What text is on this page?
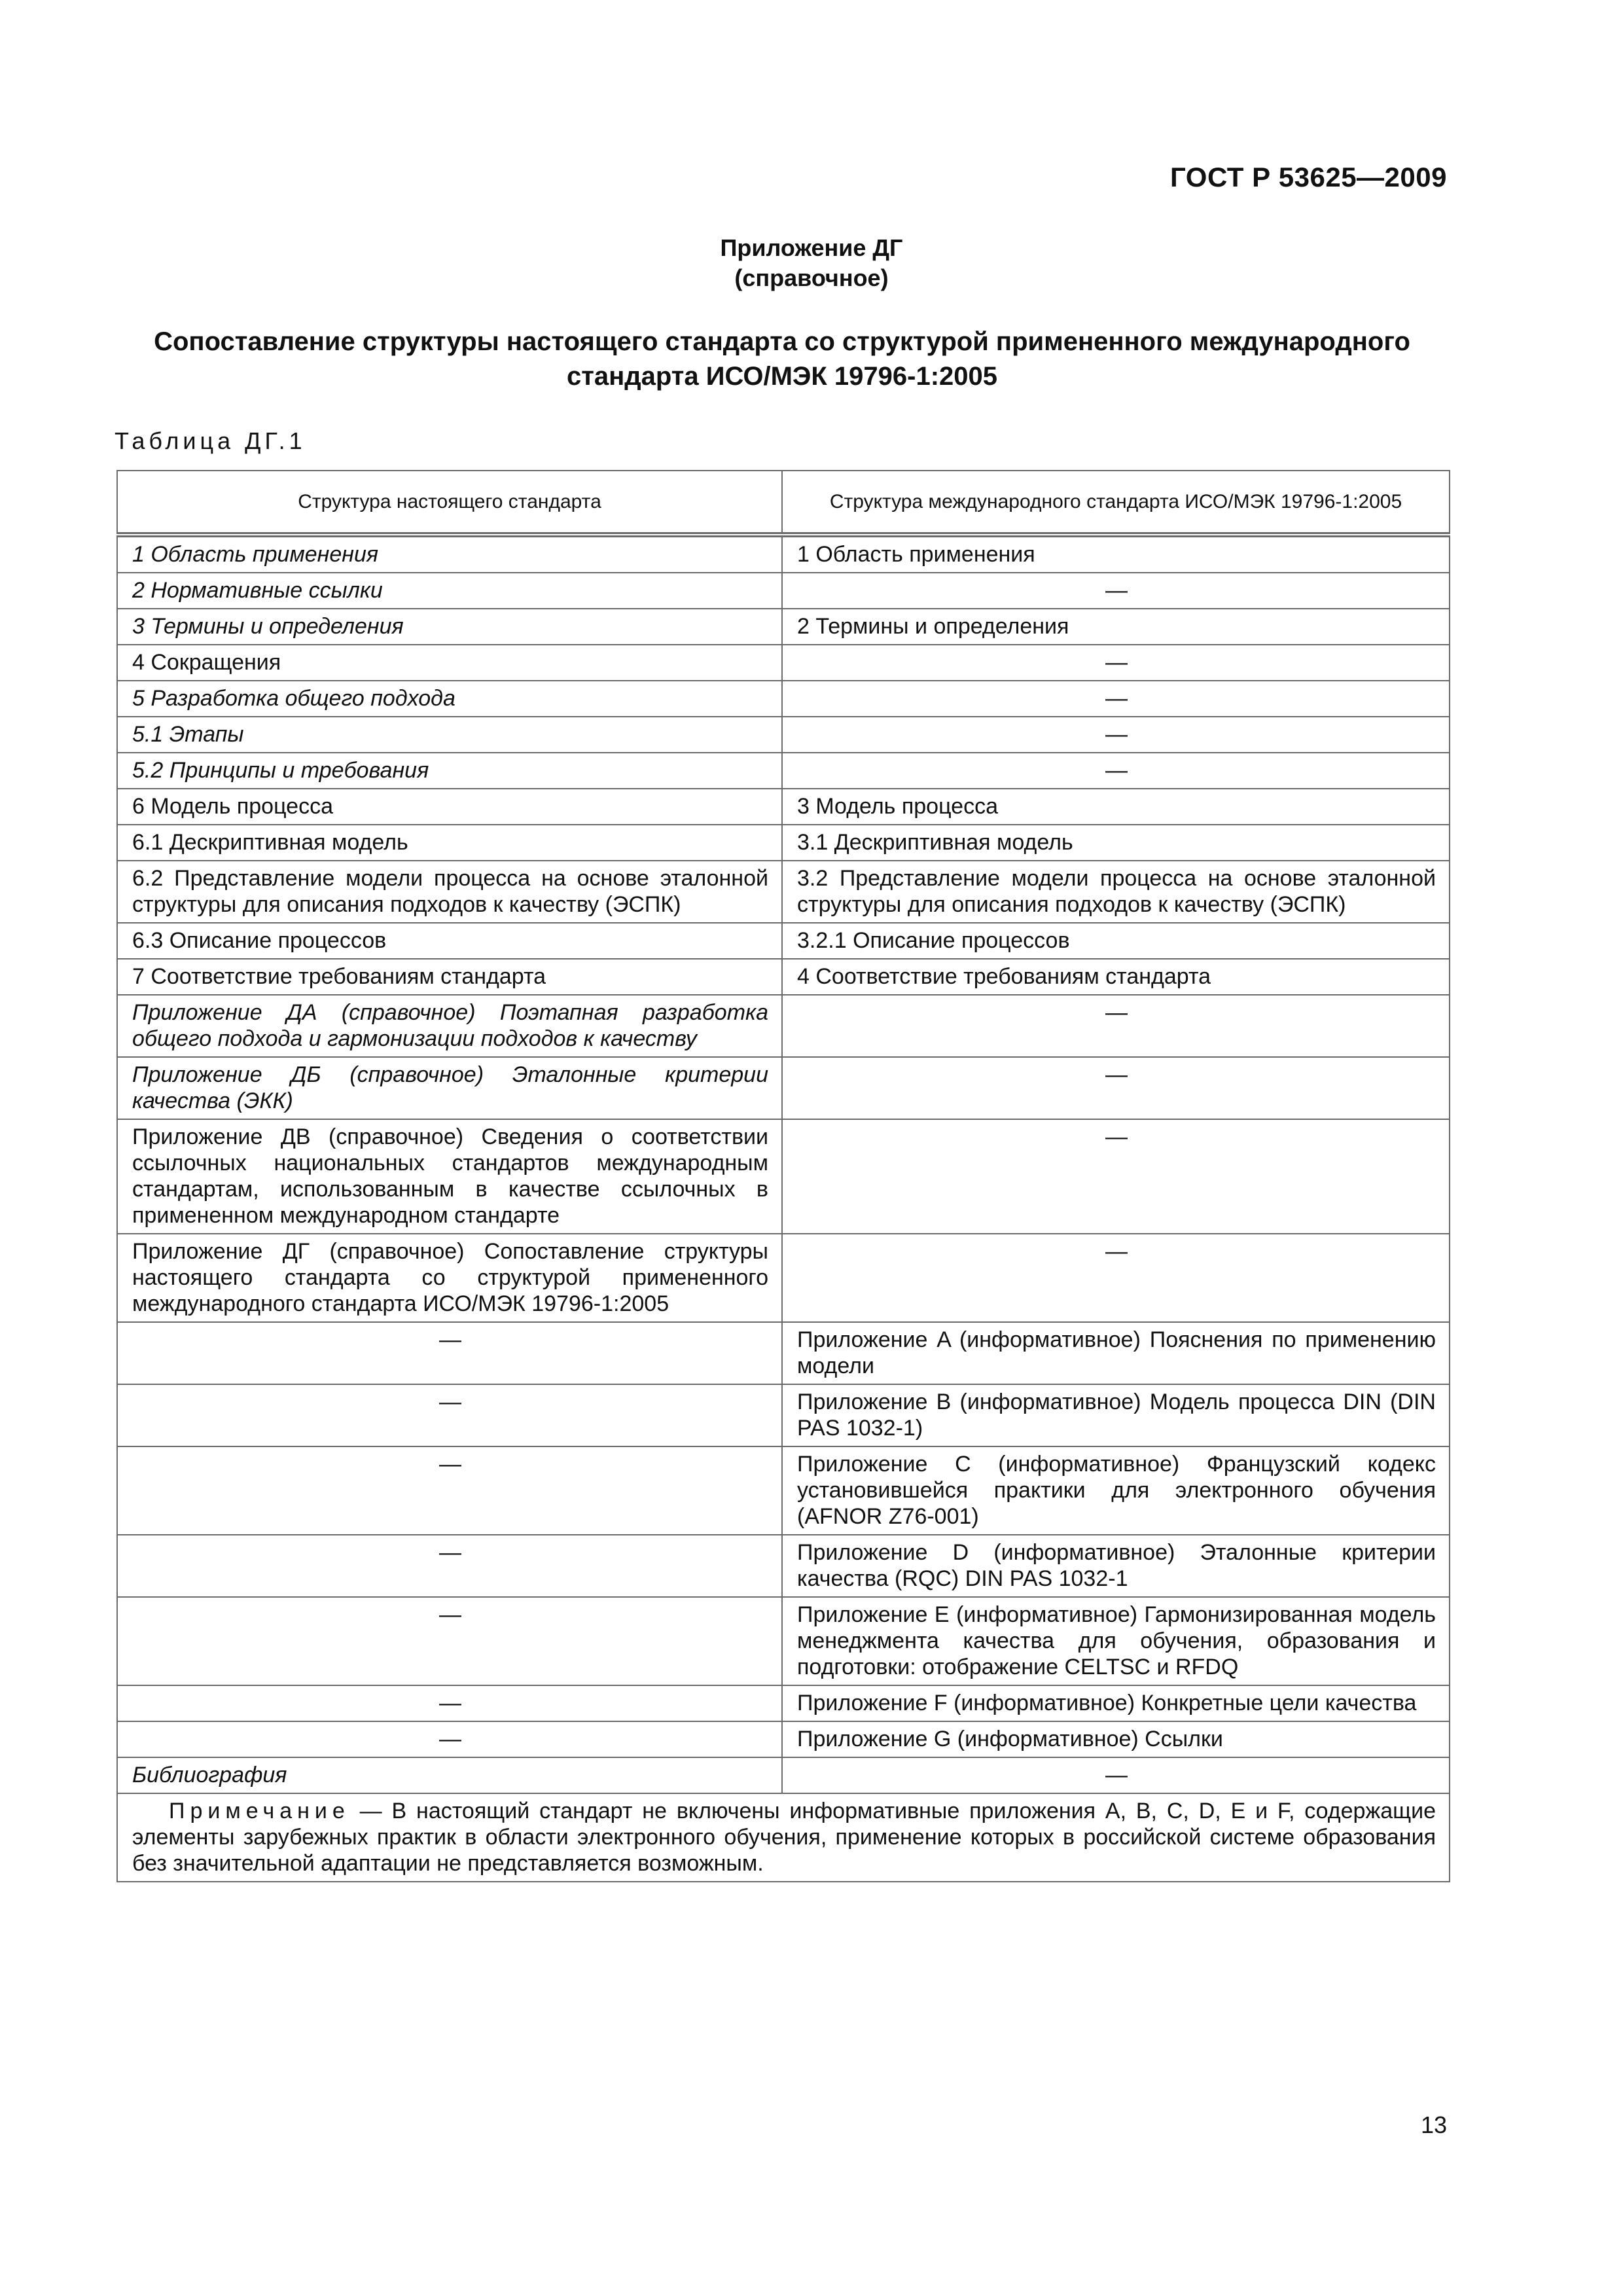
ГОСТ Р 53625—2009
Приложение ДГ
(справочное)
Сопоставление структуры настоящего стандарта со структурой примененного международного
стандарта ИСО/МЭК 19796-1:2005
Таблица ДГ.1
Структура настоящего стандарта	Структура международного стандарта ИСО/МЭК 19796-1:2005
1 Область применения	1 Область применения
2 Нормативные ссылки	—
3 Термины и определения	2 Термины и определения
4 Сокращения	—
5 Разработка общего подхода	—
5.1 Этапы	—
5.2 Принципы и требования	—
6 Модель процесса	3 Модель процесса
6.1 Дескриптивная модель	3.1 Дескриптивная модель
6.2 Представление модели процесса на основе эталонной структуры для описания подходов к качеству (ЭСПК)	3.2 Представление модели процесса на основе эталонной структуры для описания подходов к качеству (ЭСПК)
6.3 Описание процессов	3.2.1 Описание процессов
7 Соответствие требованиям стандарта	4 Соответствие требованиям стандарта
Приложение ДА (справочное) Поэтапная разработка общего подхода и гармонизации подходов к качеству	—
Приложение ДБ (справочное) Эталонные критерии качества (ЭКК)	—
Приложение ДВ (справочное) Сведения о соответствии ссылочных национальных стандартов международным стандартам, использованным в качестве ссылочных в примененном международном стандарте	—
Приложение ДГ (справочное) Сопоставление структуры настоящего стандарта со структурой примененного международного стандарта ИСО/МЭК 19796-1:2005	—
—	Приложение A (информативное) Пояснения по применению модели
—	Приложение B (информативное) Модель процесса DIN (DIN PAS 1032-1)
—	Приложение C (информативное) Французский кодекс установившейся практики для электронного обучения (AFNOR Z76-001)
—	Приложение D (информативное) Эталонные критерии качества (RQC) DIN PAS 1032-1
—	Приложение E (информативное) Гармонизированная модель менеджмента качества для обучения, образования и подготовки: отображение CELTSC и RFDQ
—	Приложение F (информативное) Конкретные цели качества
—	Приложение G (информативное) Ссылки
Библиография	—
Примечание — В настоящий стандарт не включены информативные приложения A, B, C, D, E и F, содержащие элементы зарубежных практик в области электронного обучения, применение которых в российской системе образования без значительной адаптации не представляется возможным.	
13
